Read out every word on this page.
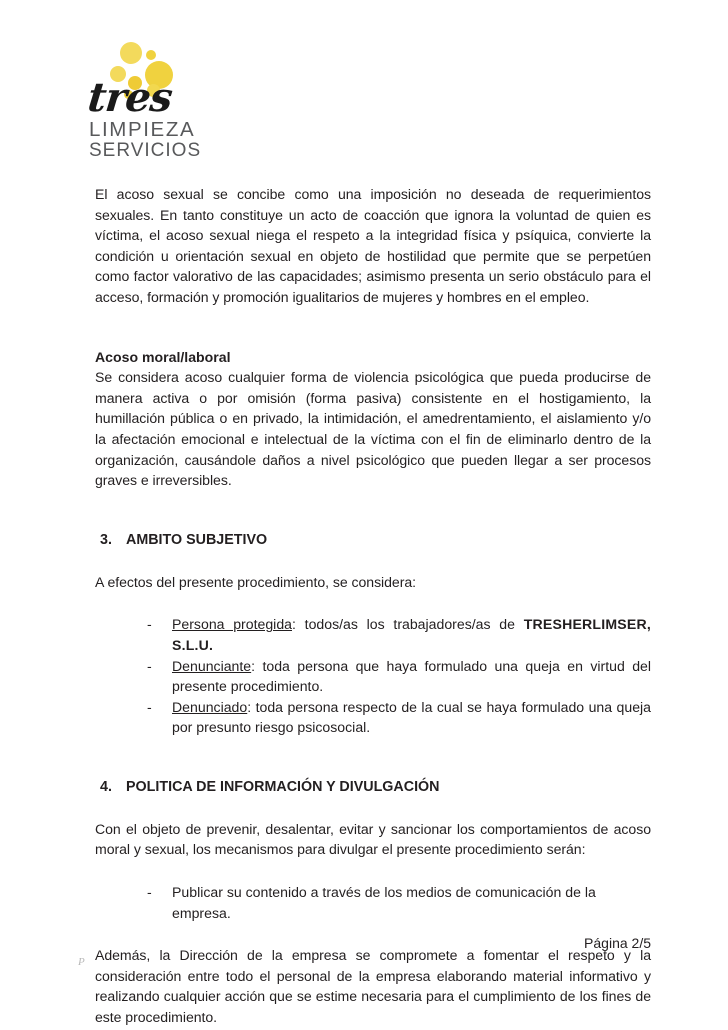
tres
LIMPIEZA
SERVICIOS

El acoso sexual se concibe como una imposición no deseada de requerimientos sexuales. En tanto constituye un acto de coacción que ignora la voluntad de quien es víctima, el acoso sexual niega el respeto a la integridad física y psíquica, convierte la condición u orientación sexual en objeto de hostilidad que permite que se perpetúen como factor valorativo de las capacidades; asimismo presenta un serio obstáculo para el acceso, formación y promoción igualitarios de mujeres y hombres en el empleo.

Acoso moral/laboral

Se considera acoso cualquier forma de violencia psicológica que pueda producirse de manera activa o por omisión (forma pasiva) consistente en el hostigamiento, la humillación pública o en privado, la intimidación, el amedrentamiento, el aislamiento y/o la afectación emocional e intelectual de la víctima con el fin de eliminarlo dentro de la organización, causándole daños a nivel psicológico que pueden llegar a ser procesos graves e irreversibles.

3. AMBITO SUBJETIVO

A efectos del presente procedimiento, se considera:

- Persona protegida: todos/as los trabajadores/as de TRESHERLIMSER, S.L.U.
- Denunciante: toda persona que haya formulado una queja en virtud del presente procedimiento.
- Denunciado: toda persona respecto de la cual se haya formulado una queja por presunto riesgo psicosocial.
4. POLITICA DE INFORMACIÓN Y DIVULGACIÓN

Con el objeto de prevenir, desalentar, evitar y sancionar los comportamientos de acoso moral y sexual, los mecanismos para divulgar el presente procedimiento serán:

- Publicar su contenido a través de los medios de comunicación de la empresa.

Además, la Dirección de la empresa se compromete a fomentar el respeto y la consideración entre todo el personal de la empresa elaborando material informativo y realizando cualquier acción que se estime necesaria para el cumplimiento de los fines de este procedimiento.

Página 2/5
P
